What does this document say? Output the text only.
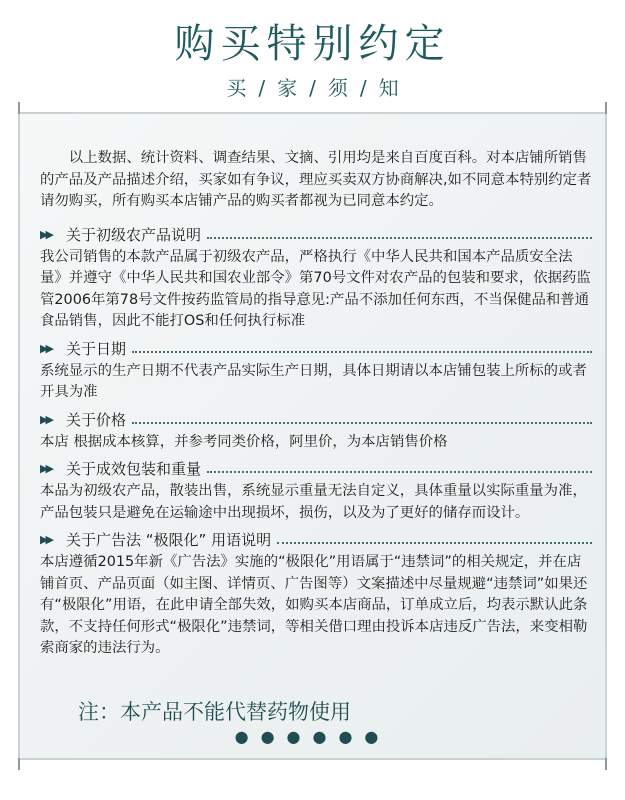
购买特别约定
买 / 家 / 须 / 知

以上数据、统计资料、调查结果、文摘、引用均是来自百度百科。对本店铺所销售的产品及产品描述介绍，买家如有争议，理应买卖双方协商解决,如不同意本特别约定者请勿购买，所有购买本店铺产品的购买者都视为已同意本约定。

▶▶	关于初级农产品说明
我公司销售的本款产品属于初级农产品，严格执行《中华人民共和国本产品质安全法量》并遵守《中华人民共和国农业部令》第70号文件对农产品的包装和要求，依据药监管2006年第78号文件按药监管局的指导意见:产品不添加任何东西，不当保健品和普通食品销售，因此不能打OS和任何执行标准
▶▶	关于日期
系统显示的生产日期不代表产品实际生产日期，具体日期请以本店铺包装上所标的或者开具为准
▶▶	关于价格
本店 根据成本核算，并参考同类价格，阿里价，为本店销售价格
▶▶	关于成效包装和重量
本品为初级农产品，散装出售，系统显示重量无法自定义，具体重量以实际重量为准，产品包装只是避免在运输途中出现损坏，损伤，以及为了更好的储存而设计。
▶▶	关于广告法 “极限化” 用语说明
本店遵循2015年新《广告法》实施的“极限化”用语属于“违禁词”的相关规定，并在店铺首页、产品页面（如主图、详情页、广告图等）文案描述中尽量规避“违禁词”如果还有“极限化”用语，在此申请全部失效，如购买本店商品，订单成立后，均表示默认此条款，不支持任何形式“极限化”违禁词，等相关借口理由投诉本店违反广告法，来变相勒索商家的违法行为。
注：本产品不能代替药物使用
●●●●●●
